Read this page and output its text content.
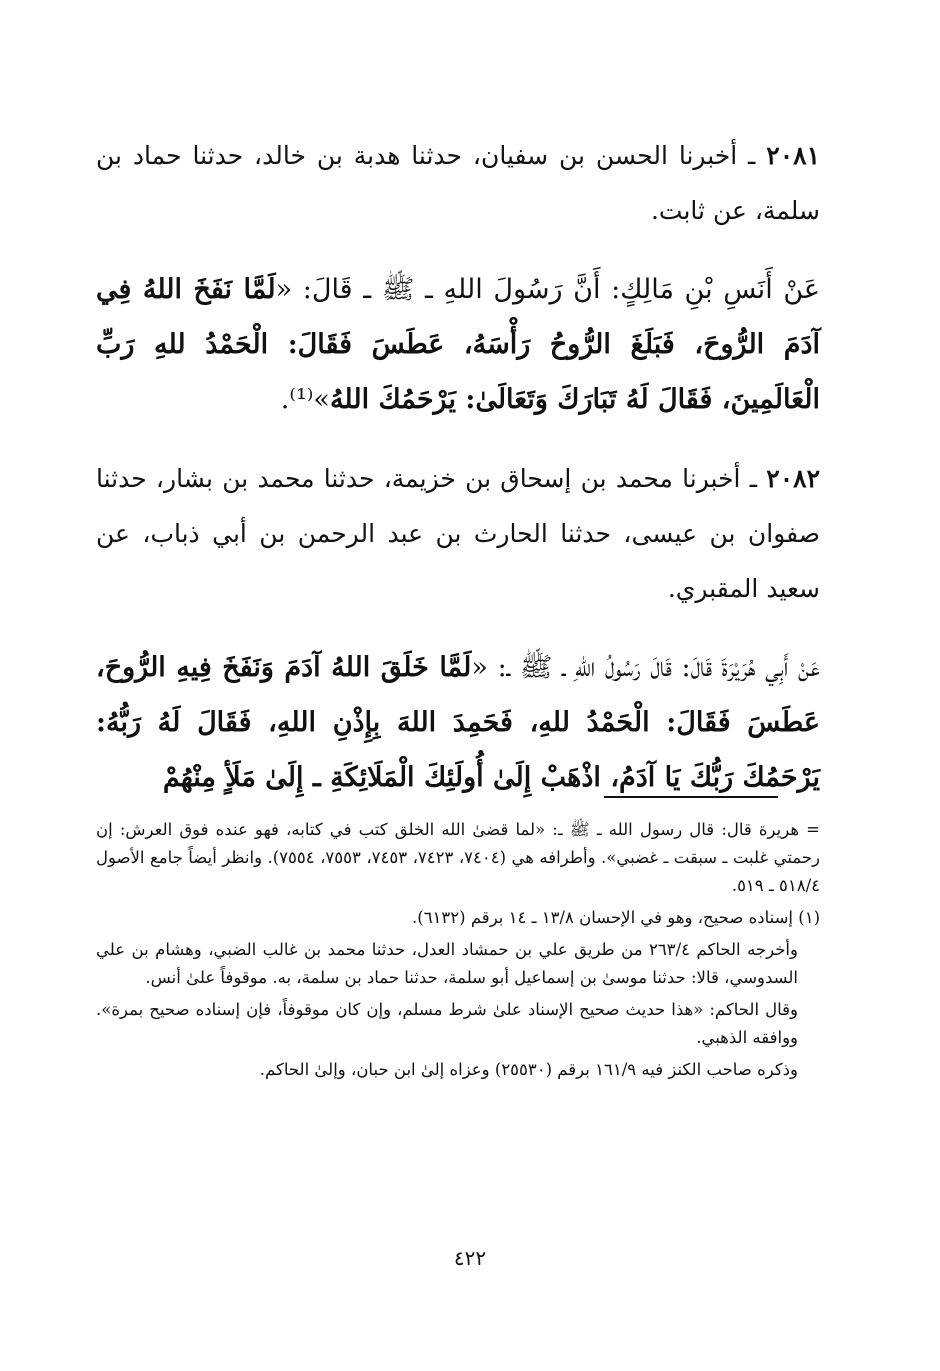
٢٠٨١ ـ أخبرنا الحسن بن سفيان، حدثنا هدبة بن خالد، حدثنا حماد بن سلمة، عن ثابت.

عَنْ أَنَسِ بْنِ مَالِكٍ: أَنَّ رَسُولَ اللهِ ـ ﷺ ـ قَالَ: «لَمَّا نَفَخَ اللهُ فِي آدَمَ الرُّوحَ، فَبَلَغَ الرُّوحُ رَأْسَهُ، عَطَسَ فَقَالَ: الْحَمْدُ للهِ رَبِّ الْعَالَمِينَ، فَقَالَ لَهُ تَبَارَكَ وَتَعَالَىٰ: يَرْحَمُكَ اللهُ»⁽¹⁾.

٢٠٨٢ ـ أخبرنا محمد بن إسحاق بن خزيمة، حدثنا محمد بن بشار، حدثنا صفوان بن عيسى، حدثنا الحارث بن عبد الرحمن بن أبي ذباب، عن سعيد المقبري.

عَنْ أَبِي هُرَيْرَةَ قَالَ: قَالَ رَسُولُ اللهِ ـ ﷺ ـ: «لَمَّا خَلَقَ اللهُ آدَمَ وَنَفَخَ فِيهِ الرُّوحَ، عَطَسَ فَقَالَ: الْحَمْدُ للهِ، فَحَمِدَ اللهَ بِإِذْنِ اللهِ، فَقَالَ لَهُ رَبُّهُ: يَرْحَمُكَ رَبُّكَ يَا آدَمُ، اذْهَبْ إِلَىٰ أُولَئِكَ الْمَلَائِكَةِ ـ إِلَىٰ مَلَأٍ مِنْهُمْ

= هريرة قال: قال رسول الله ـ ﷺ ـ: «لما قضىٰ الله الخلق كتب في كتابه، فهو عنده فوق العرش: إن رحمتي غلبت ـ سبقت ـ غضبي». وأطرافه هي (٧٤٠٤، ٧٤٢٣، ٧٤٥٣، ٧٥٥٣، ٧٥٥٤). وانظر أيضاً جامع الأصول ٥١٨/٤ ـ ٥١٩.

(١) إسناده صحيح، وهو في الإحسان ١٣/٨ ـ ١٤ برقم (٦١٣٢).

وأخرجه الحاكم ٢٦٣/٤ من طريق علي بن حمشاد العدل، حدثنا محمد بن غالب الضبي، وهشام بن علي السدوسي، قالا: حدثنا موسىٰ بن إسماعيل أبو سلمة، حدثنا حماد بن سلمة، به. موقوفاً علىٰ أنس.

وقال الحاكم: «هذا حديث صحيح الإسناد علىٰ شرط مسلم، وإن كان موقوفاً، فإن إسناده صحيح بمرة». ووافقه الذهبي.

وذكره صاحب الكنز فيه ١٦١/٩ برقم (٢٥٥٣٠) وعزاه إلىٰ ابن حبان، وإلىٰ الحاكم.

٤٢٢
